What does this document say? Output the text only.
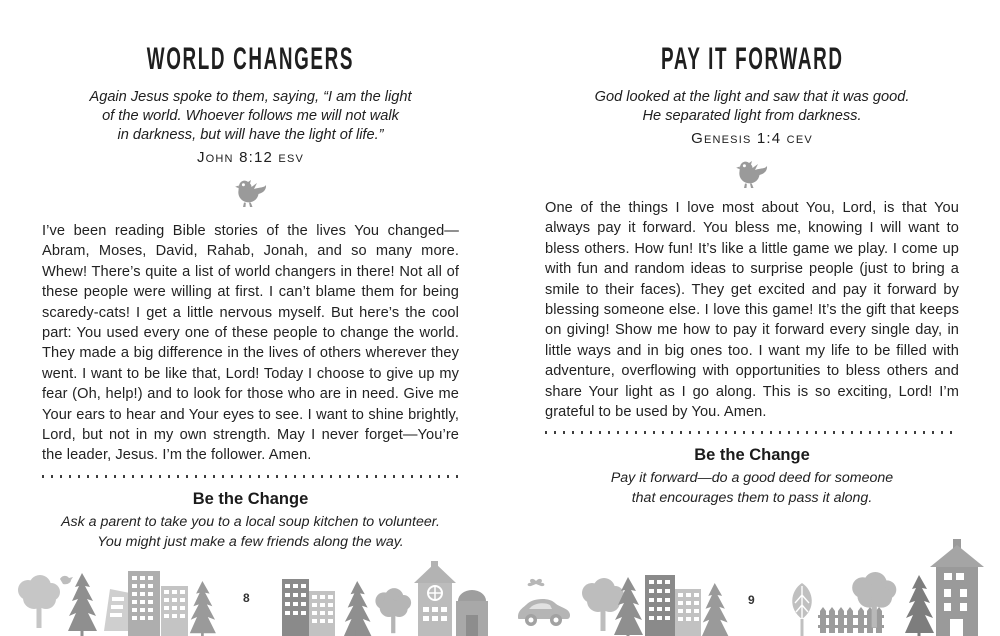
WORLD CHANGERS
Again Jesus spoke to them, saying, “I am the light
of the world. Whoever follows me will not walk
in darkness, but will have the light of life.”
John 8:12 esv

I’ve been reading Bible stories of the lives You changed—Abram, Moses, David, Rahab, Jonah, and so many more. Whew! There’s quite a list of world changers in there! Not all of these people were willing at first. I can’t blame them for being scaredy-cats! I get a little nervous myself. But here’s the cool part: You used every one of these people to change the world. They made a big difference in the lives of others wherever they went. I want to be like that, Lord! Today I choose to give up my fear (Oh, help!) and to look for those who are in need. Give me Your ears to hear and Your eyes to see. I want to shine brightly, Lord, but not in my own strength. May I never forget—You’re the leader, Jesus. I’m the follower. Amen.

Be the Change
Ask a parent to take you to a local soup kitchen to volunteer.
You might just make a few friends along the way.
PAY IT FORWARD
God looked at the light and saw that it was good.
He separated light from darkness.
Genesis 1:4 cev

One of the things I love most about You, Lord, is that You always pay it forward. You bless me, knowing I will want to bless others. How fun! It’s like a little game we play. I come up with fun and random ideas to surprise people (just to bring a smile to their faces). They get excited and pay it forward by blessing someone else. I love this game! It’s the gift that keeps on giving! Show me how to pay it forward every single day, in little ways and in big ones too. I want my life to be filled with adventure, overflowing with opportunities to bless others and share Your light as I go along. This is so exciting, Lord! I’m grateful to be used by You. Amen.

Be the Change
Pay it forward—do a good deed for someone
that encourages them to pass it along.
8	9
